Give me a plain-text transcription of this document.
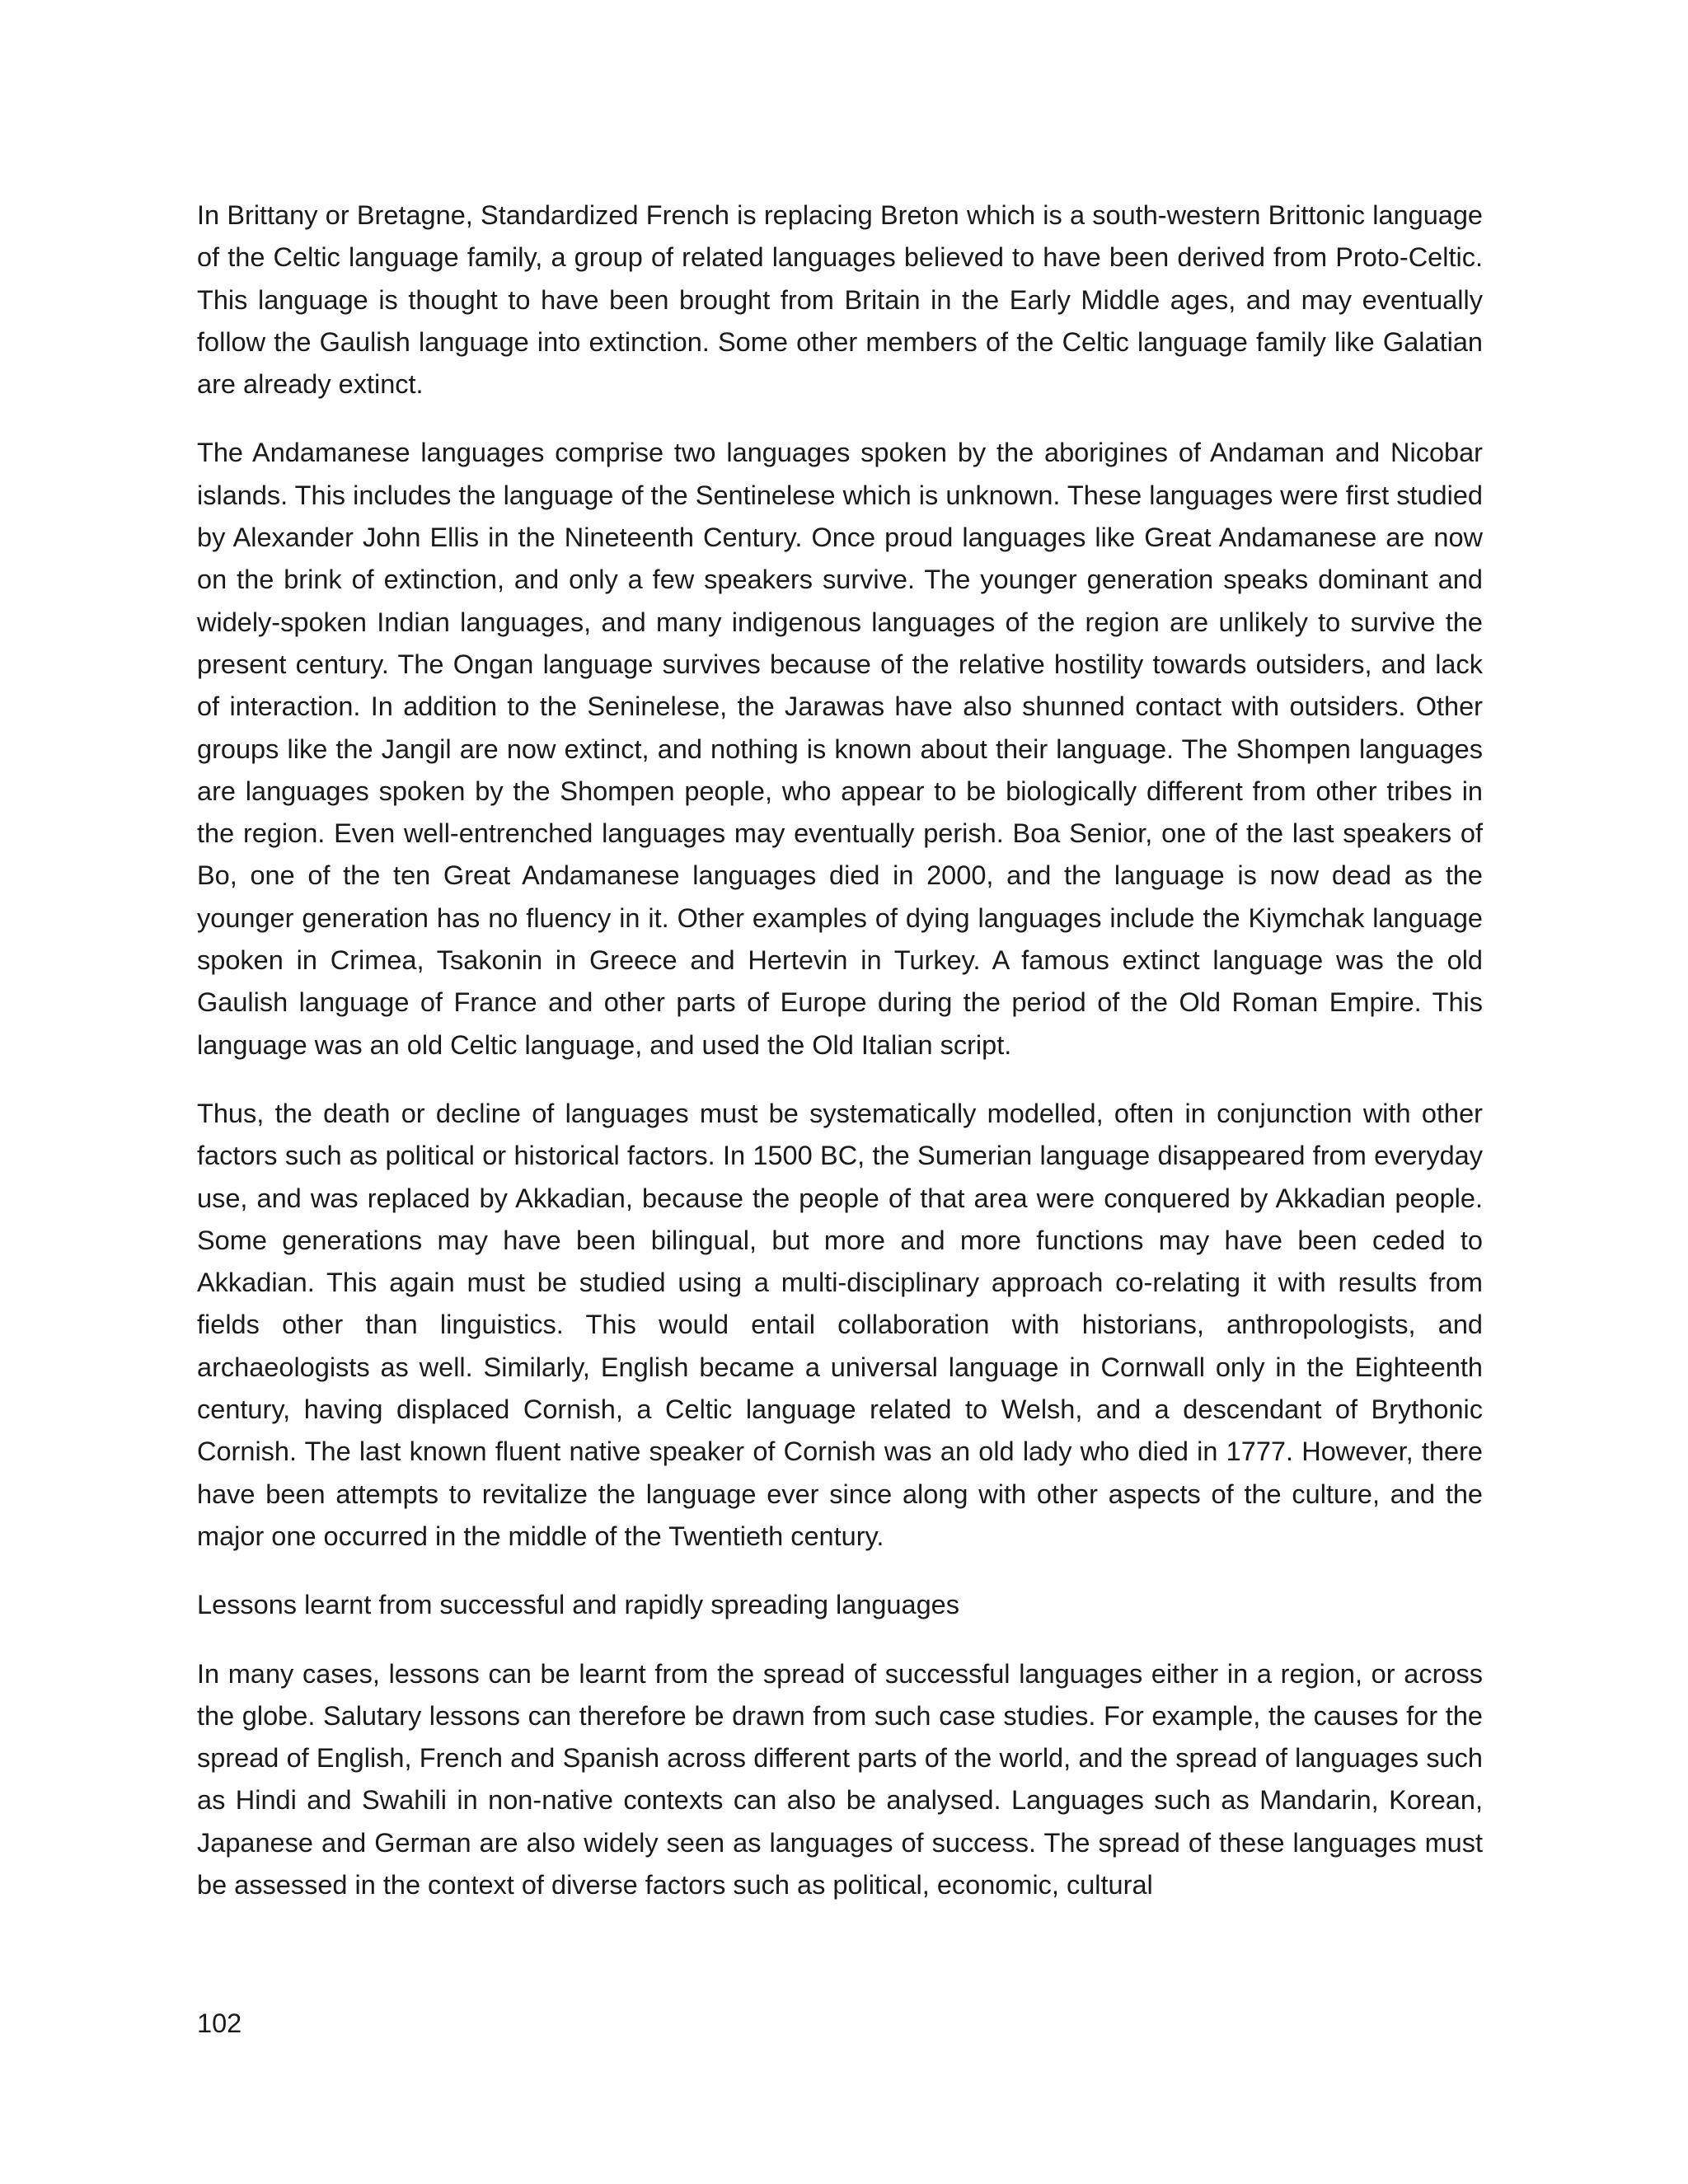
In Brittany or Bretagne, Standardized French is replacing Breton which is a south-western Brittonic language of the Celtic language family, a group of related languages believed to have been derived from Proto-Celtic. This language is thought to have been brought from Britain in the Early Middle ages, and may eventually follow the Gaulish language into extinction. Some other members of the Celtic language family like Galatian are already extinct.

The Andamanese languages comprise two languages spoken by the aborigines of Andaman and Nicobar islands. This includes the language of the Sentinelese which is unknown. These languages were first studied by Alexander John Ellis in the Nineteenth Century. Once proud languages like Great Andamanese are now on the brink of extinction, and only a few speakers survive. The younger generation speaks dominant and widely-spoken Indian languages, and many indigenous languages of the region are unlikely to survive the present century. The Ongan language survives because of the relative hostility towards outsiders, and lack of interaction. In addition to the Seninelese, the Jarawas have also shunned contact with outsiders. Other groups like the Jangil are now extinct, and nothing is known about their language. The Shompen languages are languages spoken by the Shompen people, who appear to be biologically different from other tribes in the region. Even well-entrenched languages may eventually perish. Boa Senior, one of the last speakers of Bo, one of the ten Great Andamanese languages died in 2000, and the language is now dead as the younger generation has no fluency in it. Other examples of dying languages include the Kiymchak language spoken in Crimea, Tsakonin in Greece and Hertevin in Turkey. A famous extinct language was the old Gaulish language of France and other parts of Europe during the period of the Old Roman Empire. This language was an old Celtic language, and used the Old Italian script.

Thus, the death or decline of languages must be systematically modelled, often in conjunction with other factors such as political or historical factors. In 1500 BC, the Sumerian language disappeared from everyday use, and was replaced by Akkadian, because the people of that area were conquered by Akkadian people. Some generations may have been bilingual, but more and more functions may have been ceded to Akkadian. This again must be studied using a multi-disciplinary approach co-relating it with results from fields other than linguistics. This would entail collaboration with historians, anthropologists, and archaeologists as well. Similarly, English became a universal language in Cornwall only in the Eighteenth century, having displaced Cornish, a Celtic language related to Welsh, and a descendant of Brythonic Cornish. The last known fluent native speaker of Cornish was an old lady who died in 1777. However, there have been attempts to revitalize the language ever since along with other aspects of the culture, and the major one occurred in the middle of the Twentieth century.

Lessons learnt from successful and rapidly spreading languages

In many cases, lessons can be learnt from the spread of successful languages either in a region, or across the globe. Salutary lessons can therefore be drawn from such case studies. For example, the causes for the spread of English, French and Spanish across different parts of the world, and the spread of languages such as Hindi and Swahili in non-native contexts can also be analysed. Languages such as Mandarin, Korean, Japanese and German are also widely seen as languages of success. The spread of these languages must be assessed in the context of diverse factors such as political, economic, cultural

102
